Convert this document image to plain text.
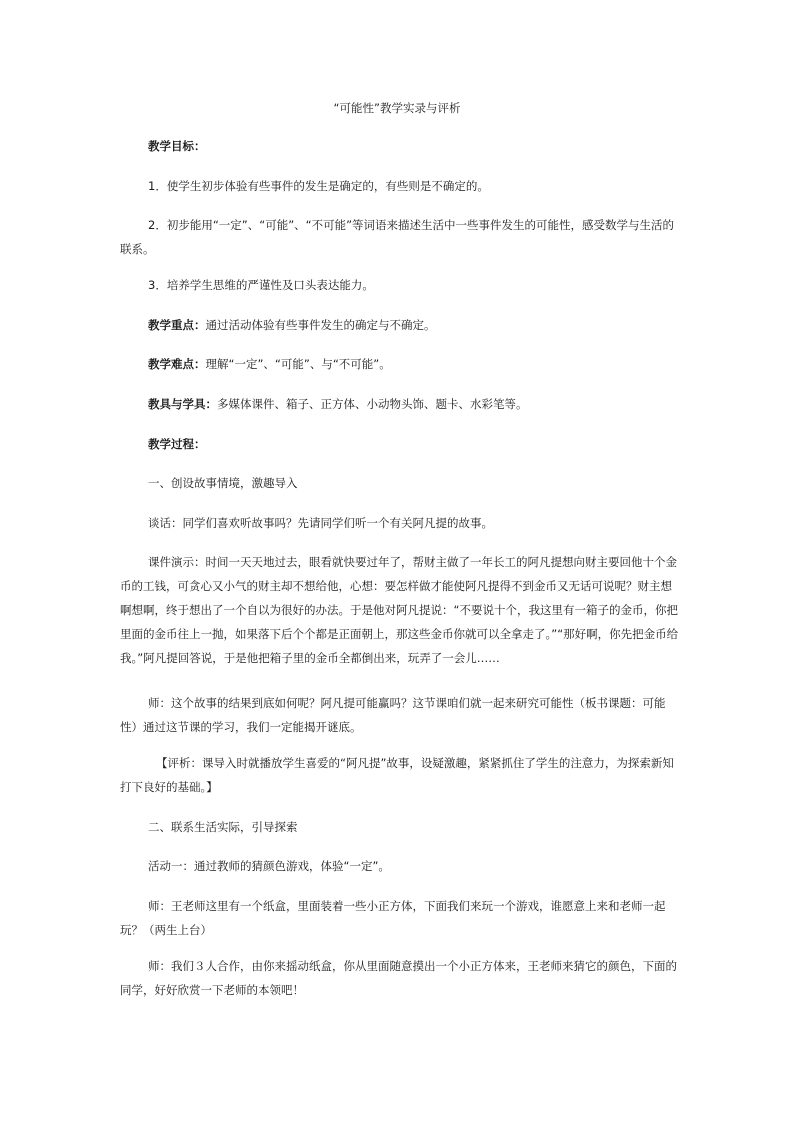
“可能性”教学实录与评析

教学目标：

1．使学生初步体验有些事件的发生是确定的，有些则是不确定的。

2．初步能用“一定”、“可能”、“不可能”等词语来描述生活中一些事件发生的可能性，感受数学与生活的联系。

3．培养学生思维的严谨性及口头表达能力。

教学重点：通过活动体验有些事件发生的确定与不确定。

教学难点：理解“一定”、“可能”、与“不可能”。

教具与学具：多媒体课件、箱子、正方体、小动物头饰、题卡、水彩笔等。

教学过程：

一、创设故事情境，激趣导入

谈话：同学们喜欢听故事吗？先请同学们听一个有关阿凡提的故事。

课件演示：时间一天天地过去，眼看就快要过年了，帮财主做了一年长工的阿凡提想向财主要回他十个金币的工钱，可贪心又小气的财主却不想给他，心想：要怎样做才能使阿凡提得不到金币又无话可说呢？财主想啊想啊，终于想出了一个自以为很好的办法。于是他对阿凡提说：“不要说十个，我这里有一箱子的金币，你把里面的金币往上一抛，如果落下后个个都是正面朝上，那这些金币你就可以全拿走了。”“那好啊，你先把金币给我。”阿凡提回答说，于是他把箱子里的金币全都倒出来，玩弄了一会儿……

师：这个故事的结果到底如何呢？阿凡提可能赢吗？这节课咱们就一起来研究可能性（板书课题：可能性）通过这节课的学习，我们一定能揭开谜底。

【评析：课导入时就播放学生喜爱的“阿凡提”故事，设疑激趣，紧紧抓住了学生的注意力，为探索新知打下良好的基础。】

二、联系生活实际，引导探索

活动一：通过教师的猜颜色游戏，体验“一定”。

师：王老师这里有一个纸盒，里面装着一些小正方体，下面我们来玩一个游戏，谁愿意上来和老师一起玩？（两生上台）

师：我们３人合作，由你来摇动纸盒，你从里面随意摸出一个小正方体来，王老师来猜它的颜色，下面的同学，好好欣赏一下老师的本领吧！
